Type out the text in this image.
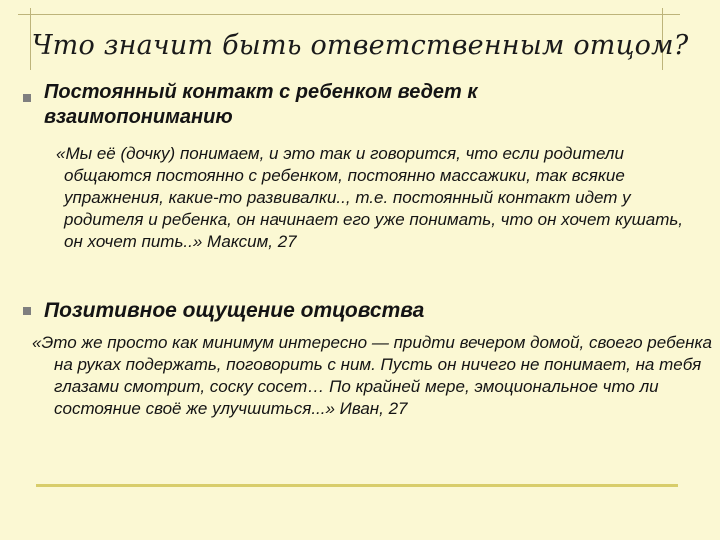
Что значит быть ответственным отцом?

Постоянный контакт с ребенком ведет к взаимопониманию

«Мы её (дочку) понимаем, и это так и говорится, что если родители общаются постоянно с ребенком, постоянно массажики, так всякие упражнения, какие-то развивалки.., т.е. постоянный контакт идет у родителя и ребенка, он начинает его уже понимать, что он хочет кушать, он хочет пить..» Максим, 27

Позитивное ощущение отцовства

«Это же просто как минимум интересно — придти вечером домой, своего ребенка на руках подержать, поговорить с ним. Пусть он ничего не понимает, на тебя глазами смотрит, соску сосет… По крайней мере, эмоциональное что ли состояние своё же улучшиться...» Иван, 27
